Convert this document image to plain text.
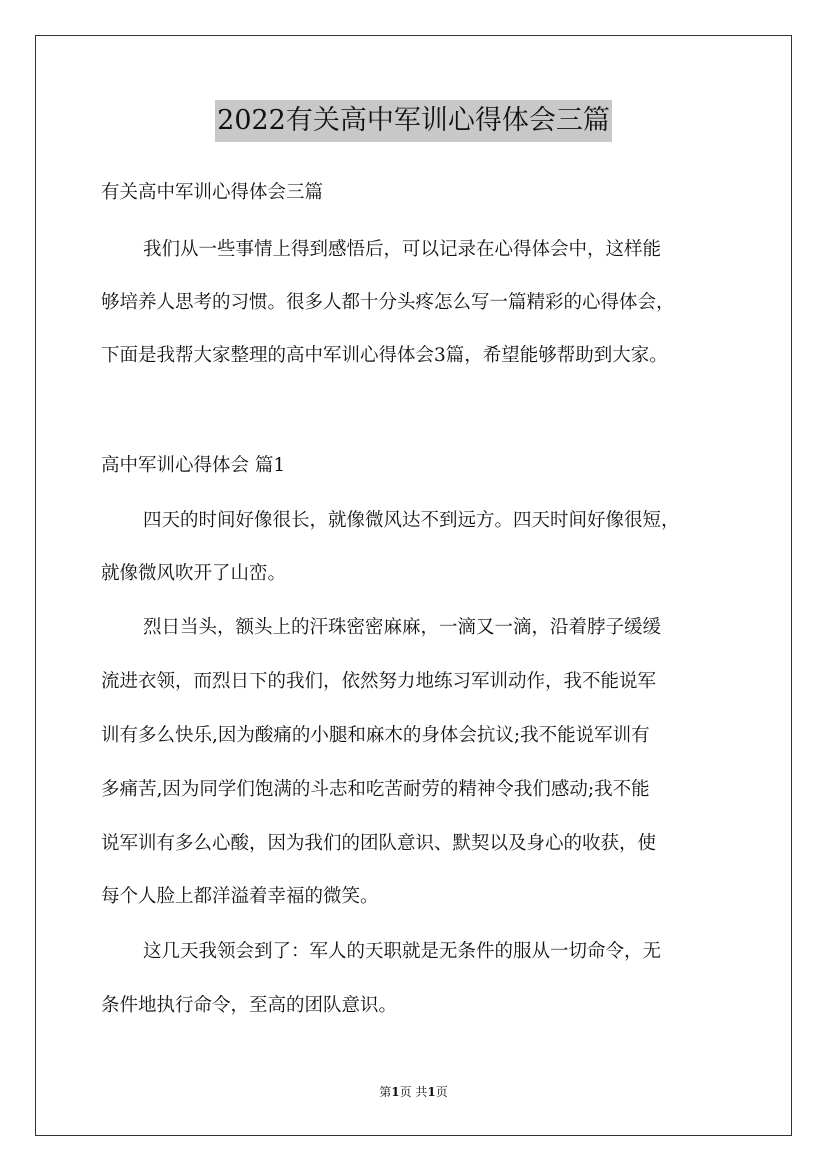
2022有关高中军训心得体会三篇
有关高中军训心得体会三篇
我们从一些事情上得到感悟后，可以记录在心得体会中，这样能
够培养人思考的习惯。很多人都十分头疼怎么写一篇精彩的心得体会，
下面是我帮大家整理的高中军训心得体会3篇，希望能够帮助到大家。
高中军训心得体会 篇1
四天的时间好像很长，就像微风达不到远方。四天时间好像很短，
就像微风吹开了山峦。
烈日当头，额头上的汗珠密密麻麻，一滴又一滴，沿着脖子缓缓
流进衣领，而烈日下的我们，依然努力地练习军训动作，我不能说军
训有多么快乐,因为酸痛的小腿和麻木的身体会抗议;我不能说军训有
多痛苦,因为同学们饱满的斗志和吃苦耐劳的精神令我们感动;我不能
说军训有多么心酸，因为我们的团队意识、默契以及身心的收获，使
每个人脸上都洋溢着幸福的微笑。
这几天我领会到了：军人的天职就是无条件的服从一切命令，无
条件地执行命令，至高的团队意识。
第1页 共1页
